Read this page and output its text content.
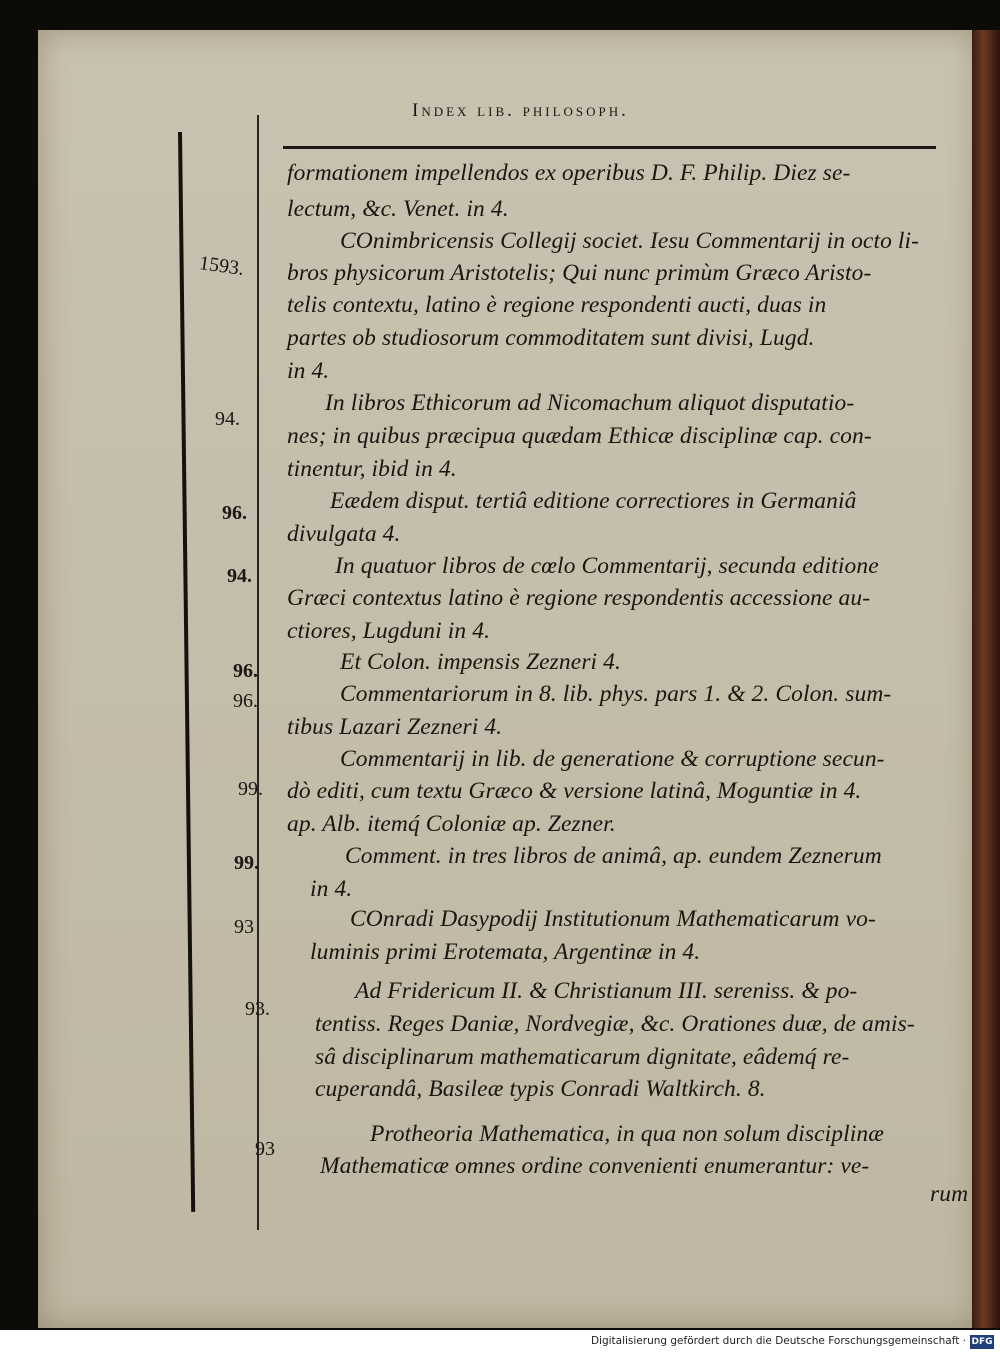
Index lib. philosoph.
1593.
94.
96.
94.
96.
96.
99.
99.
93
93.
93
formationem impellendos ex operibus D. F. Philip. Diez se-
lectum, &c. Venet. in 4.
COnimbricensis Collegij societ. Iesu Commentarij in octo li-
bros physicorum Aristotelis; Qui nunc primùm Græco Aristo-
telis contextu, latino è regione respondenti aucti, duas in
partes ob studiosorum commoditatem sunt divisi, Lugd.
in 4.
In libros Ethicorum ad Nicomachum aliquot disputatio-
nes; in quibus præcipua quædam Ethicæ disciplinæ cap. con-
tinentur, ibid in 4.
Eædem disput. tertiâ editione correctiores in Germaniâ
divulgata 4.
In quatuor libros de cœlo Commentarij, secunda editione
Græci contextus latino è regione respondentis accessione au-
ctiores, Lugduni in 4.
Et Colon. impensis Zezneri 4.
Commentariorum in 8. lib. phys. pars 1. & 2. Colon. sum-
tibus Lazari Zezneri 4.
Commentarij in lib. de generatione & corruptione secun-
dò editi, cum textu Græco & versione latinâ, Moguntiæ in 4.
ap. Alb. itemq́ Coloniæ ap. Zezner.
Comment. in tres libros de animâ, ap. eundem Zeznerum
in 4.
COnradi Dasypodij Institutionum Mathematicarum vo-
luminis primi Erotemata, Argentinæ in 4.
Ad Fridericum II. & Christianum III. sereniss. & po-
tentiss. Reges Daniæ, Nordvegiæ, &c. Orationes duæ, de amis-
sâ disciplinarum mathematicarum dignitate, eâdemq́ re-
cuperandâ, Basileæ typis Conradi Waltkirch. 8.
Protheoria Mathematica, in qua non solum disciplinæ
Mathematicæ omnes ordine convenienti enumerantur: ve-
rum
Digitalisierung gefördert durch die Deutsche Forschungsgemeinschaft · DFG
